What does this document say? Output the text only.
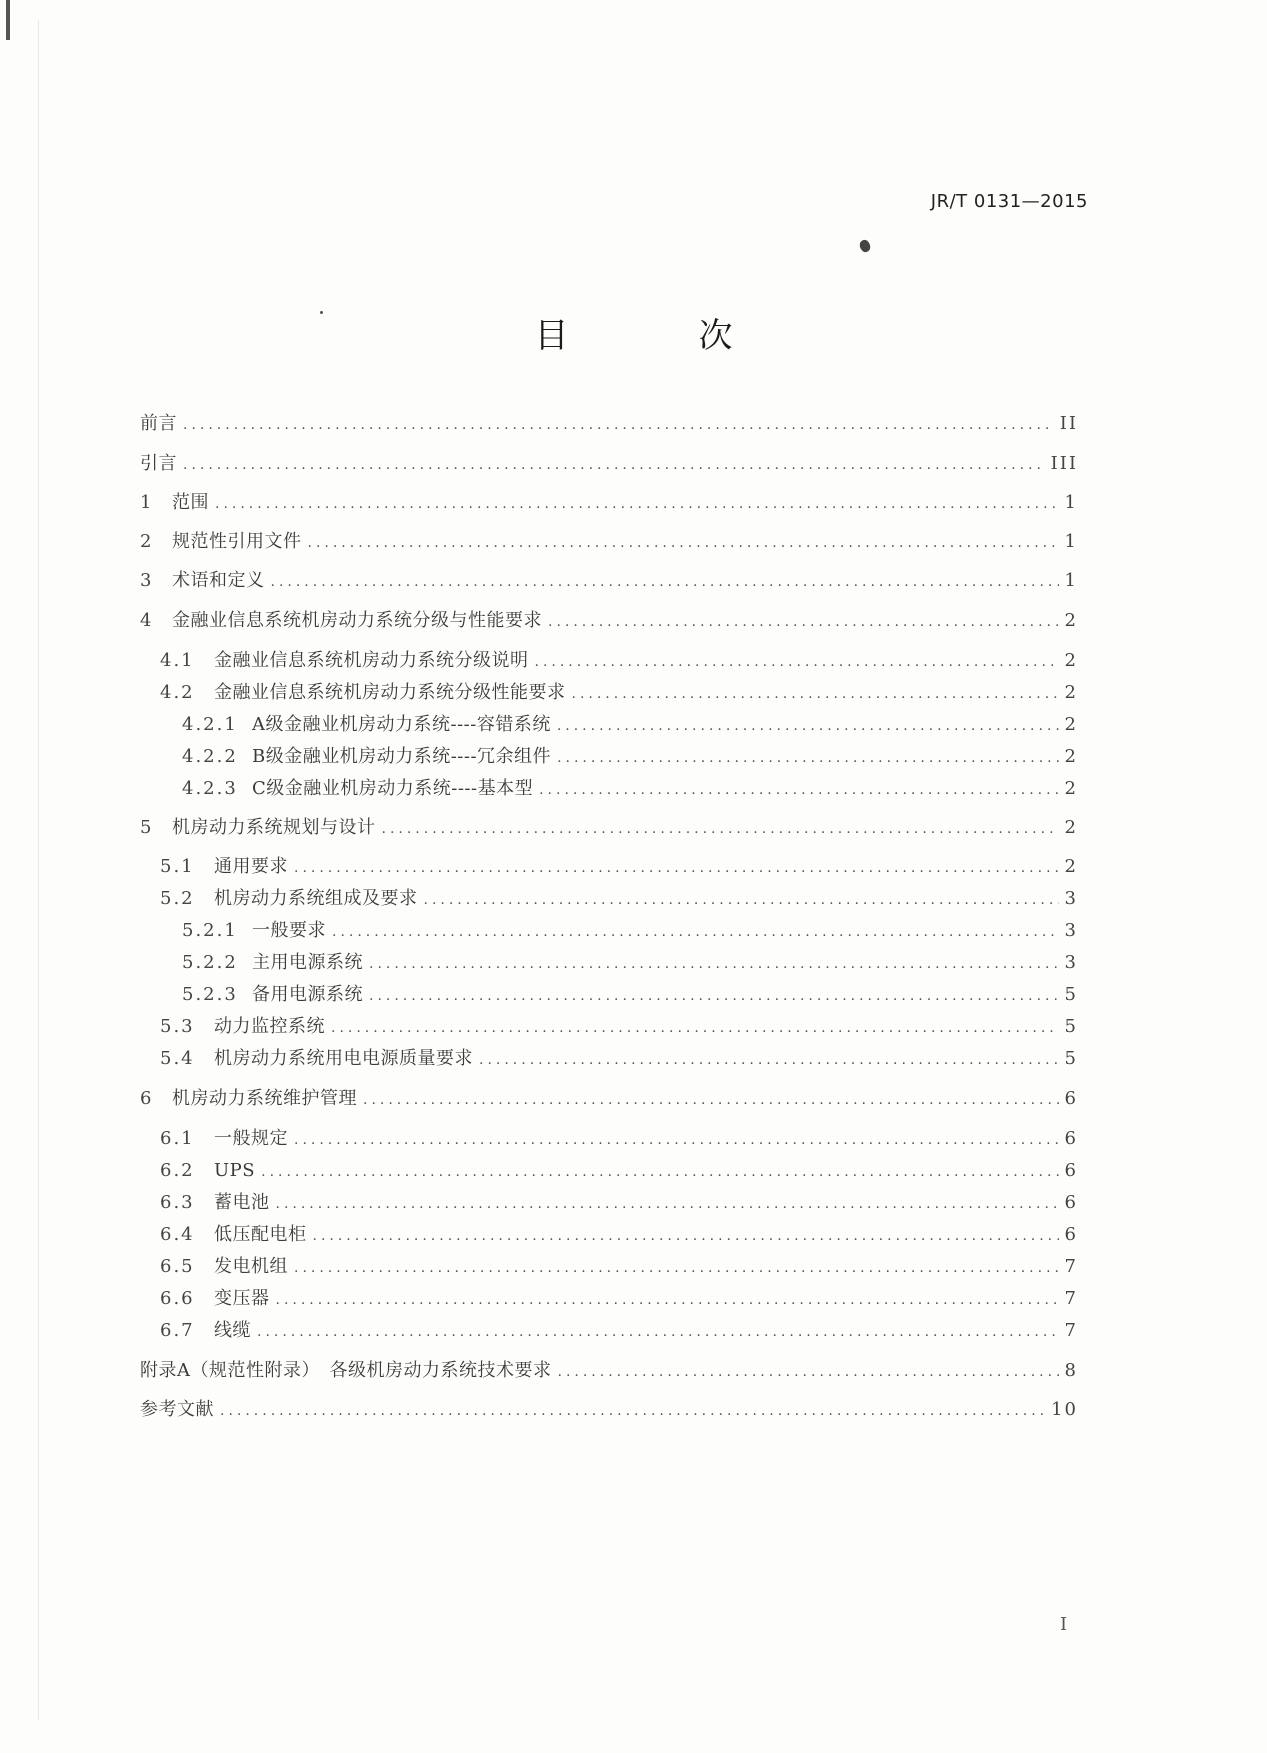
JR/T 0131—2015
目　次
前言 .....	II
引言 .....	III
1 范围 .....	1
2 规范性引用文件 .....	1
3 术语和定义 .....	1
4 金融业信息系统机房动力系统分级与性能要求 .....	2
4.1 金融业信息系统机房动力系统分级说明 .....	2
4.2 金融业信息系统机房动力系统分级性能要求 .....	2
4.2.1 A级金融业机房动力系统----容错系统 .....	2
4.2.2 B级金融业机房动力系统----冗余组件 .....	2
4.2.3 C级金融业机房动力系统----基本型 .....	2
5 机房动力系统规划与设计 .....	2
5.1 通用要求 .....	2
5.2 机房动力系统组成及要求 .....	3
5.2.1 一般要求 .....	3
5.2.2 主用电源系统 .....	3
5.2.3 备用电源系统 .....	5
5.3 动力监控系统 .....	5
5.4 机房动力系统用电电源质量要求 .....	5
6 机房动力系统维护管理 .....	6
6.1 一般规定 .....	6
6.2 UPS .....	6
6.3 蓄电池 .....	6
6.4 低压配电柜 .....	6
6.5 发电机组 .....	7
6.6 变压器 .....	7
6.7 线缆 .....	7
附录A（规范性附录）　各级机房动力系统技术要求 .....	8
参考文献 .....	10
I
